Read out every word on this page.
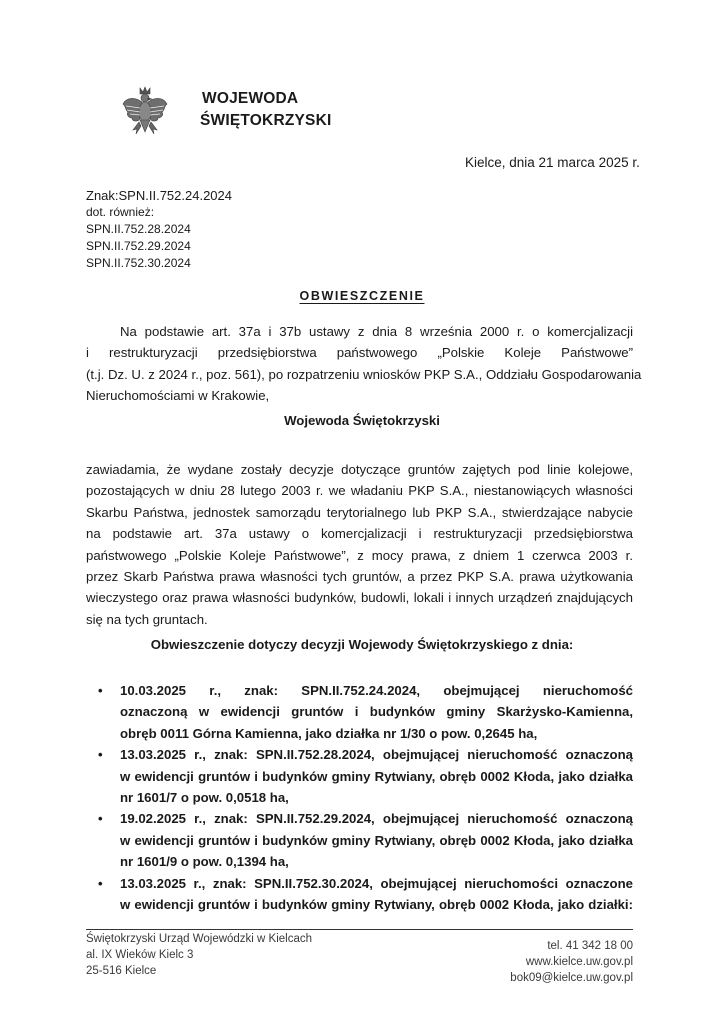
WOJEWODA
ŚWIĘTOKRZYSKI
Kielce, dnia 21 marca 2025 r.
Znak:SPN.II.752.24.2024
dot. również:
SPN.II.752.28.2024
SPN.II.752.29.2024
SPN.II.752.30.2024
OBWIESZCZENIE
Na podstawie art. 37a i 37b ustawy z dnia 8 września 2000 r. o komercjalizacji
i restrukturyzacji przedsiębiorstwa państwowego „Polskie Koleje Państwowe”
(t.j. Dz. U. z 2024 r., poz. 561), po rozpatrzeniu wniosków PKP S.A., Oddziału Gospodarowania
Nieruchomościami w Krakowie,
Wojewoda Świętokrzyski
zawiadamia, że wydane zostały decyzje dotyczące gruntów zajętych pod linie kolejowe,
pozostających w dniu 28 lutego 2003 r. we władaniu PKP S.A., niestanowiących własności
Skarbu Państwa, jednostek samorządu terytorialnego lub PKP S.A., stwierdzające nabycie
na podstawie art. 37a ustawy o komercjalizacji i restrukturyzacji przedsiębiorstwa
państwowego „Polskie Koleje Państwowe”, z mocy prawa, z dniem 1 czerwca 2003 r.
przez Skarb Państwa prawa własności tych gruntów, a przez PKP S.A. prawa użytkowania
wieczystego oraz prawa własności budynków, budowli, lokali i innych urządzeń znajdujących
się na tych gruntach.
Obwieszczenie dotyczy decyzji Wojewody Świętokrzyskiego z dnia:
• 10.03.2025 r., znak: SPN.II.752.24.2024, obejmującej nieruchomość
oznaczoną w ewidencji gruntów i budynków gminy Skarżysko-Kamienna,
obręb 0011 Górna Kamienna, jako działka nr 1/30 o pow. 0,2645 ha,
• 13.03.2025 r., znak: SPN.II.752.28.2024, obejmującej nieruchomość oznaczoną
w ewidencji gruntów i budynków gminy Rytwiany, obręb 0002 Kłoda, jako działka
nr 1601/7 o pow. 0,0518 ha,
• 19.02.2025 r., znak: SPN.II.752.29.2024, obejmującej nieruchomość oznaczoną
w ewidencji gruntów i budynków gminy Rytwiany, obręb 0002 Kłoda, jako działka
nr 1601/9 o pow. 0,1394 ha,
• 13.03.2025 r., znak: SPN.II.752.30.2024, obejmującej nieruchomości oznaczone
w ewidencji gruntów i budynków gminy Rytwiany, obręb 0002 Kłoda, jako działki:
Świętokrzyski Urząd Wojewódzki w Kielcach
al. IX Wieków Kielc 3
25-516 Kielce
tel. 41 342 18 00
www.kielce.uw.gov.pl
bok09@kielce.uw.gov.pl
